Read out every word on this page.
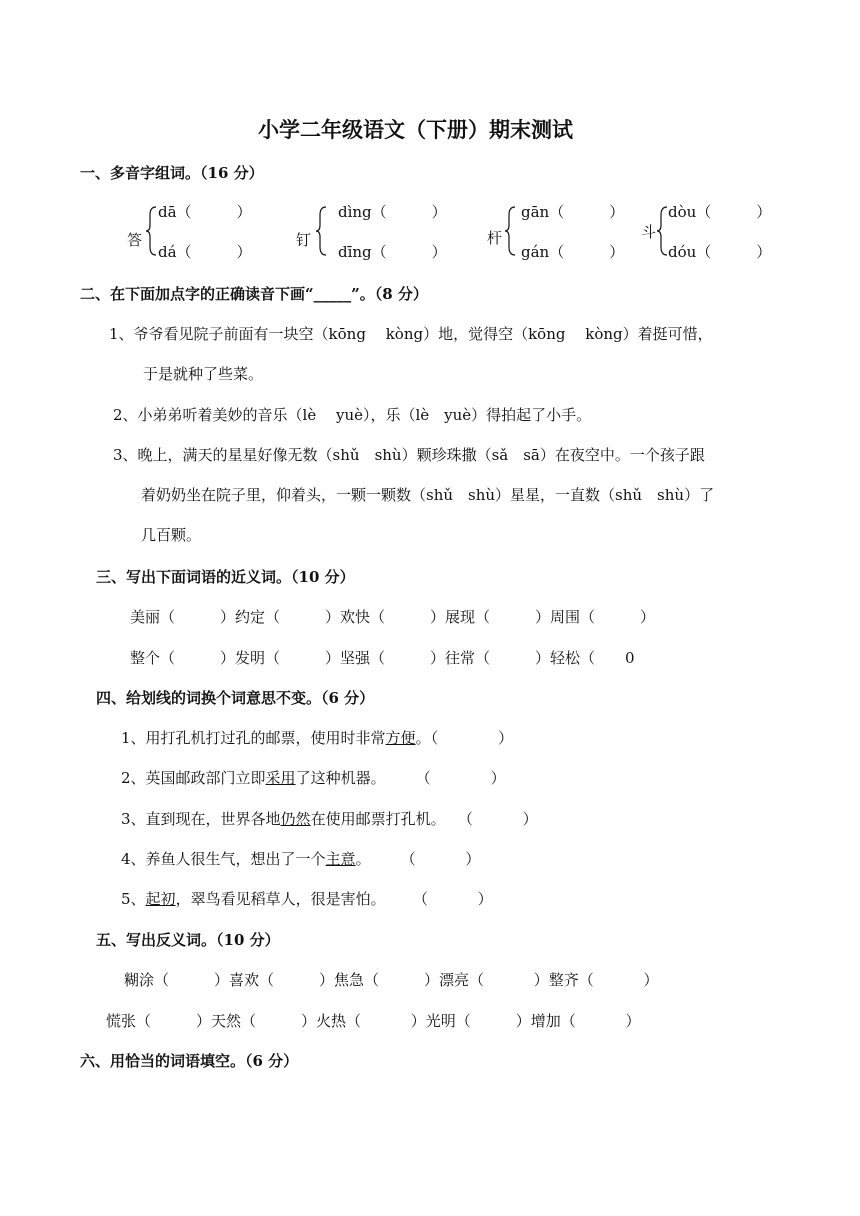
小学二年级语文（下册）期末测试
一、多音字组词。（16 分）
答
dā（　　　）
dá（　　　）
钉
dìng（　　　）
dīng（　　　）
杆
gān（　　　）
gán（　　　）
斗
dòu（　　　）
dóu（　　　）
二、在下面加点字的正确读音下画“_____”。（8 分）
1、爷爷看见院子前面有一块空（kōng　 kòng）地，觉得空（kōng　 kòng）着挺可惜，
于是就种了些菜。
2、小弟弟听着美妙的音乐（lè　 yuè），乐（lè　yuè）得拍起了小手。
3、晚上，满天的星星好像无数（shǔ　shù）颗珍珠撒（sǎ　sā）在夜空中。一个孩子跟
着奶奶坐在院子里，仰着头，一颗一颗数（shǔ　shù）星星，一直数（shǔ　shù）了
几百颗。
三、写出下面词语的近义词。（10 分）
美丽（　　　）约定（　　　）欢快（　　　）展现（　　　）周围（　　　）
整个（　　　）发明（　　　）坚强（　　　）往常（　　　）轻松（　　0
四、给划线的词换个词意思不变。（6 分）
1、用打孔机打过孔的邮票，使用时非常方便。（　　　　）
2、英国邮政部门立即采用了这种机器。　　　（　　　　）
3、直到现在，世界各地仍然在使用邮票打孔机。　 （　　　 ）
4、养鱼人很生气，想出了一个主意。　　　（　　　 ）
5、起初，翠鸟看见稻草人，很是害怕。　　 （　　　 ）
五、写出反义词。（10 分）
糊涂（　　　）喜欢（　　　）焦急（　　　）漂亮（　　　 ）整齐（　　　 ）
慌张（　　　）天然（　　　）火热（　　　 ）光明（　　　）增加（　　　 ）
六、用恰当的词语填空。（6 分）
